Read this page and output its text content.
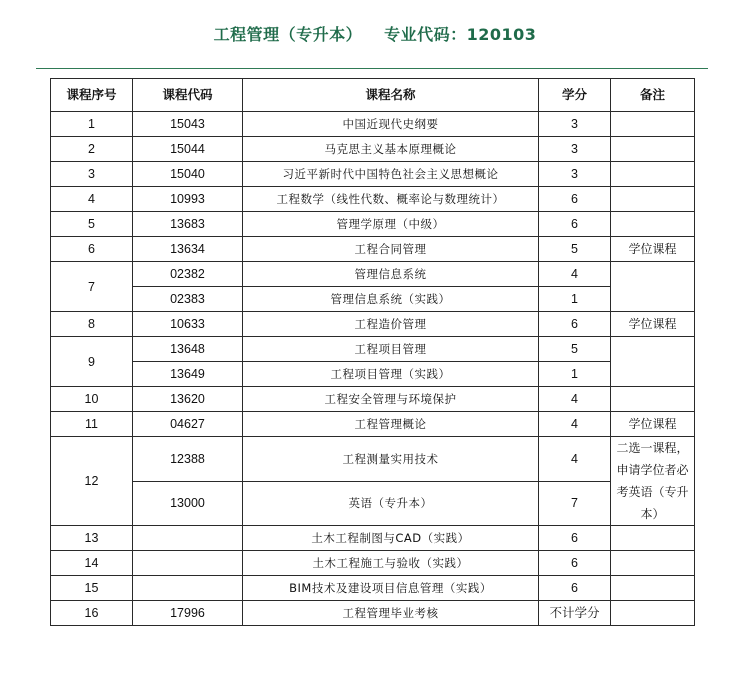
工程管理（专升本） 专业代码：120103
课程序号	课程代码	课程名称	学分	备注
1	15043	中国近现代史纲要	3	
2	15044	马克思主义基本原理概论	3	
3	15040	习近平新时代中国特色社会主义思想概论	3	
4	10993	工程数学（线性代数、概率论与数理统计）	6	
5	13683	管理学原理（中级）	6	
6	13634	工程合同管理	5	学位课程
7	02382	管理信息系统	4	
	02383	管理信息系统（实践）	1	
8	10633	工程造价管理	6	学位课程
9	13648	工程项目管理	5	
	13649	工程项目管理（实践）	1	
10	13620	工程安全管理与环境保护	4	
11	04627	工程管理概论	4	学位课程
12	12388	工程测量实用技术	4	二选一课程，申请学位者必考英语（专升本）
	13000	英语（专升本）	7	
13		土木工程制图与CAD（实践）	6	
14		土木工程施工与验收（实践）	6	
15		BIM技术及建设项目信息管理（实践）	6	
16	17996	工程管理毕业考核	不计学分	
